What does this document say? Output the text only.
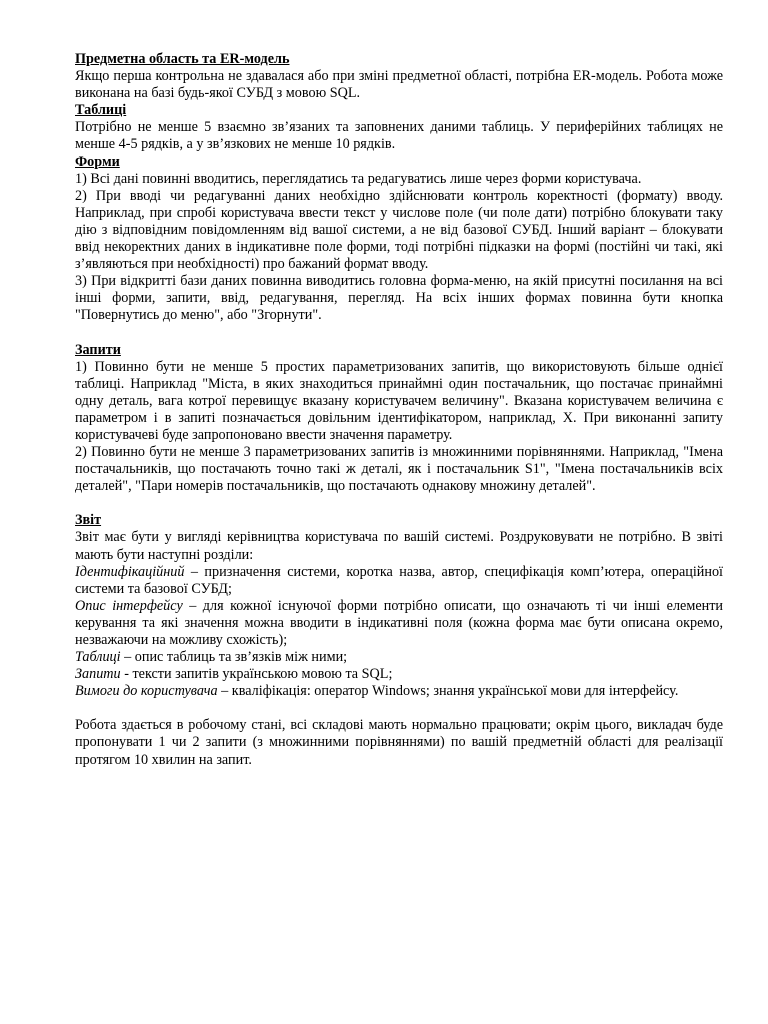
Предметна область та ER-модель

Якщо перша контрольна не здавалася або при зміні предметної області, потрібна ER-модель. Робота може виконана на базі будь-якої СУБД з мовою SQL.

Таблиці

Потрібно не менше 5 взаємно зв’язаних та заповнених даними таблиць. У периферійних таблицях не менше 4-5 рядків, а у зв’язкових не менше 10 рядків.

Форми

1) Всі дані повинні вводитись, переглядатись та редагуватись лише через форми користувача.

2) При вводі чи редагуванні даних необхідно здійснювати контроль коректності (формату) вводу. Наприклад, при спробі користувача ввести текст у числове поле (чи поле дати) потрібно блокувати таку дію з відповідним повідомленням від вашої системи, а не від базової СУБД. Інший варіант – блокувати ввід некоректних даних в індикативне поле форми, тоді потрібні підказки на формі (постійні чи такі, які з’являються при необхідності) про бажаний формат вводу.

3) При відкритті бази даних повинна виводитись головна форма-меню, на якій присутні посилання на всі інші форми, запити, ввід, редагування, перегляд. На всіх інших формах повинна бути кнопка "Повернутись до меню", або "Згорнути".

Запити

1) Повинно бути не менше 5 простих параметризованих запитів, що використовують більше однієї таблиці. Наприклад "Міста, в яких знаходиться принаймні один постачальник, що постачає принаймні одну деталь, вага котрої перевищує вказану користувачем величину". Вказана користувачем величина є параметром і в запиті позначається довільним ідентифікатором, наприклад, X. При виконанні запиту користувачеві буде запропоновано ввести значення параметру.

2) Повинно бути не менше 3 параметризованих запитів із множинними порівняннями. Наприклад, "Імена постачальників, що постачають точно такі ж деталі, як і постачальник S1", "Імена постачальників всіх деталей", "Пари номерів постачальників, що постачають однакову множину деталей".

Звіт

Звіт має бути у вигляді керівництва користувача по вашій системі. Роздруковувати не потрібно. В звіті мають бути наступні розділи:

Ідентифікаційний – призначення системи, коротка назва, автор, специфікація комп’ютера, операційної системи та базової СУБД;

Опис інтерфейсу – для кожної існуючої форми потрібно описати, що означають ті чи інші елементи керування та які значення можна вводити в індикативні поля (кожна форма має бути описана окремо, незважаючи на можливу схожість);

Таблиці – опис таблиць та зв’язків між ними;

Запити - тексти запитів українською мовою та SQL;

Вимоги до користувача – кваліфікація: оператор Windows; знання української мови для інтерфейсу.

Робота здається в робочому стані, всі складові мають нормально працювати; окрім цього, викладач буде пропонувати 1 чи 2 запити (з множинними порівняннями) по вашій предметній області для реалізації протягом 10 хвилин на запит.
